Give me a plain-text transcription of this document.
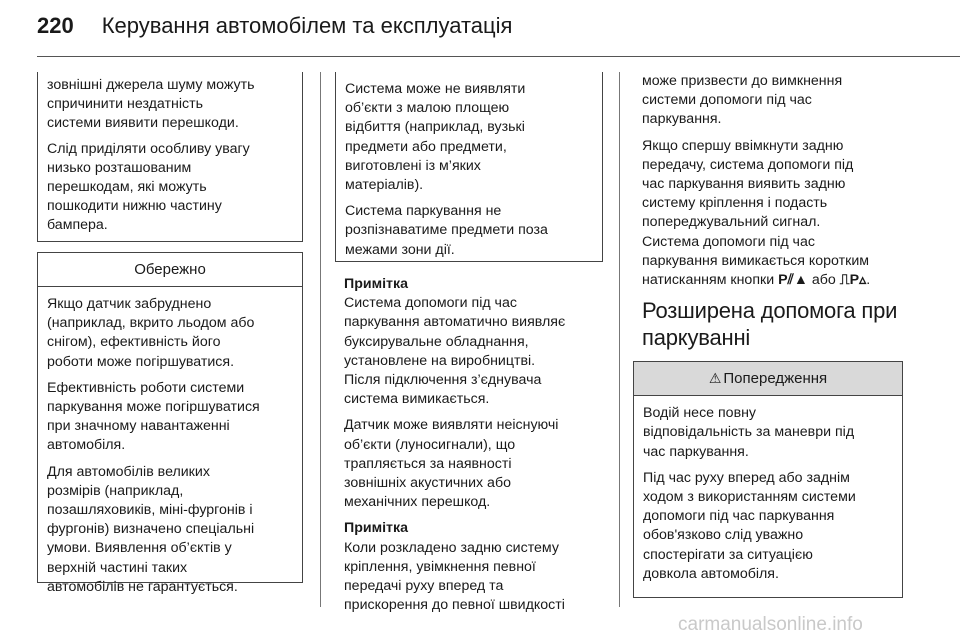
220 Керування автомобілем та експлуатація
зовнішні джерела шуму можуть
спричинити нездатність
системи виявити перешкоди.
Слід приділяти особливу увагу
низько розташованим
перешкодам, які можуть
пошкодити нижню частину
бампера.
Обережно

Якщо датчик забруднено
(наприклад, вкрито льодом або
снігом), ефективність його
роботи може погіршуватися.

Ефективність роботи системи
паркування може погіршуватися
при значному навантаженні
автомобіля.

Для автомобілів великих
розмірів (наприклад,
позашляховиків, міні-фургонів і
фургонів) визначено спеціальні
умови. Виявлення об’єктів у
верхній частині таких
автомобілів не гарантується.

Система може не виявляти
об’єкти з малою площею
відбиття (наприклад, вузькі
предмети або предмети,
виготовлені із м’яких
матеріалів).

Система паркування не
розпізнаватиме предмети поза
межами зони дії.

Примітка

Система допомоги під час
паркування автоматично виявляє
буксирувальне обладнання,
установлене на виробництві.
Після підключення з’єднувача
система вимикається.

Датчик може виявляти неіснуючі
об’єкти (луносигнали), що
трапляється за наявності
зовнішніх акустичних або
механічних перешкод.

Примітка

Коли розкладено задню систему
кріплення, увімкнення певної
передачі руху вперед та
прискорення до певної швидкості

може призвести до вимкнення
системи допомоги під час
паркування.

Якщо спершу ввімкнути задню
передачу, система допомоги під
час паркування виявить задню
систему кріплення і подасть
попереджувальний сигнал.
Система допомоги під час
паркування вимикається коротким
натисканням кнопки P⫽▲ або ⎍P▵.

Розширена допомога при
паркуванні
⚠ Попередження

Водій несе повну
відповідальність за маневри під
час паркування.

Під час руху вперед або заднім
ходом з використанням системи
допомоги під час паркування
обов'язково слід уважно
спостерігати за ситуацією
довкола автомобіля.

carmanualsonline.info
